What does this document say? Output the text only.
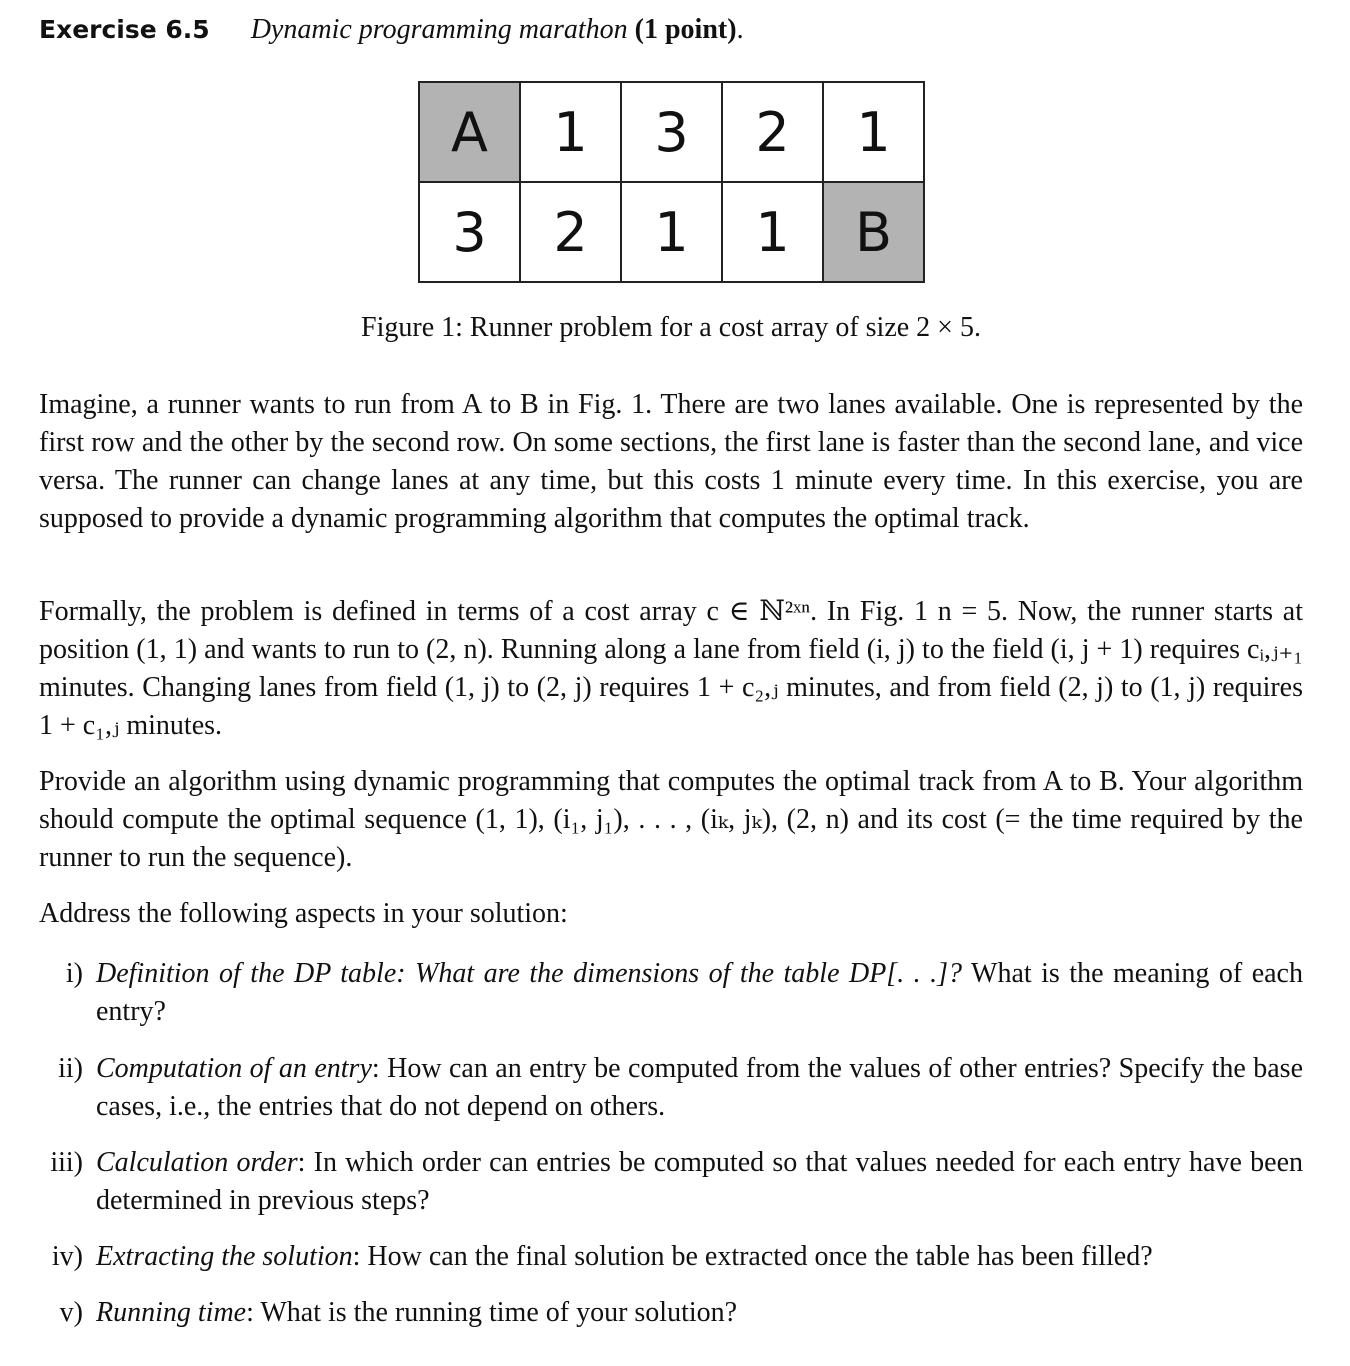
Exercise 6.5 Dynamic programming marathon (1 point).
A	1	3	2	1
3	2	1	1	B
Figure 1: Runner problem for a cost array of size 2 × 5.
Imagine, a runner wants to run from A to B in Fig. 1. There are two lanes available. One is represented by the first row and the other by the second row. On some sections, the first lane is faster than the second lane, and vice versa. The runner can change lanes at any time, but this costs 1 minute every time. In this exercise, you are supposed to provide a dynamic programming algorithm that computes the optimal track.
Formally, the problem is defined in terms of a cost array c ∈ ℕ²ˣⁿ. In Fig. 1 n = 5. Now, the runner starts at position (1, 1) and wants to run to (2, n). Running along a lane from field (i, j) to the field (i, j + 1) requires cᵢ,ⱼ₊₁ minutes. Changing lanes from field (1, j) to (2, j) requires 1 + c₂,ⱼ minutes, and from field (2, j) to (1, j) requires 1 + c₁,ⱼ minutes.
Provide an algorithm using dynamic programming that computes the optimal track from A to B. Your algorithm should compute the optimal sequence (1, 1), (i₁, j₁), . . . , (iₖ, jₖ), (2, n) and its cost (= the time required by the runner to run the sequence).
Address the following aspects in your solution:
i) Definition of the DP table: What are the dimensions of the table DP[. . .]? What is the meaning of each entry?
ii) Computation of an entry: How can an entry be computed from the values of other entries? Specify the base cases, i.e., the entries that do not depend on others.
iii) Calculation order: In which order can entries be computed so that values needed for each entry have been determined in previous steps?
iv) Extracting the solution: How can the final solution be extracted once the table has been filled?
v) Running time: What is the running time of your solution?
